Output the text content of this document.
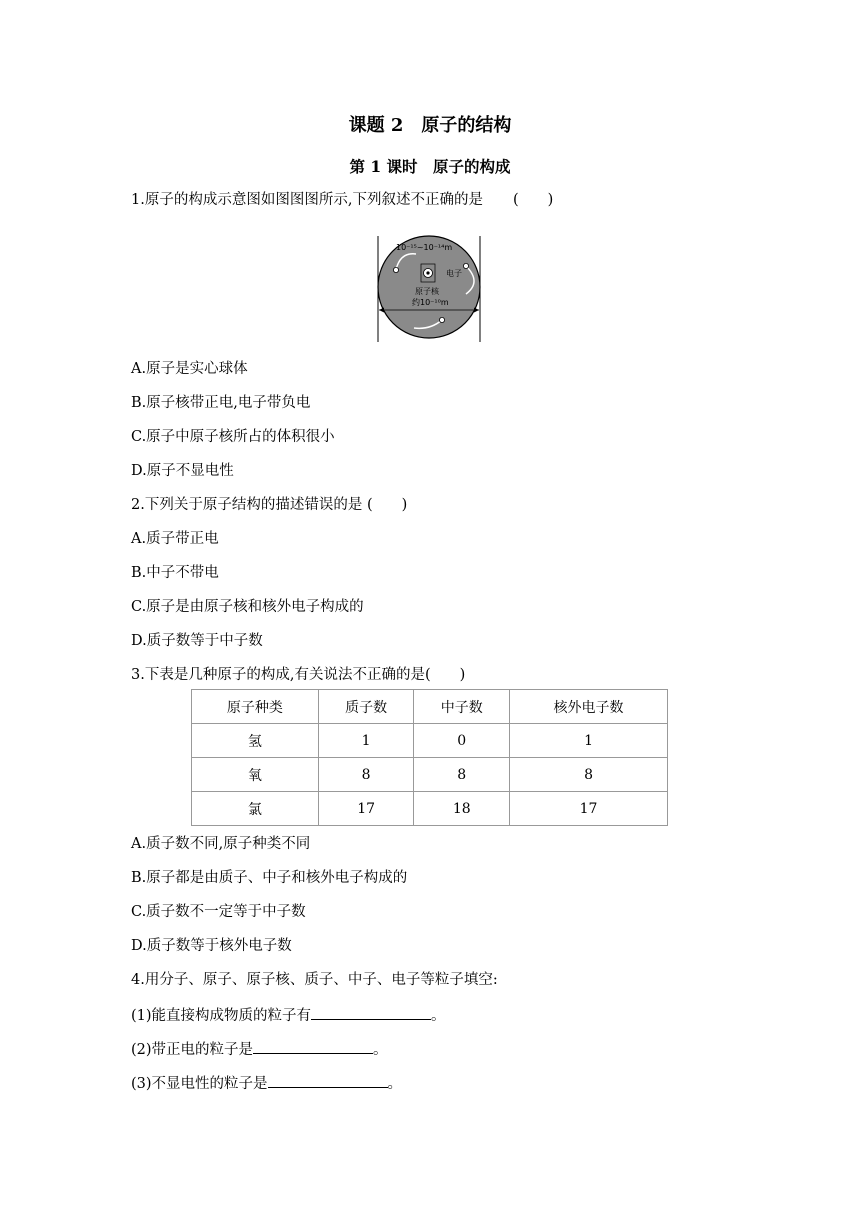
课题 2　原子的结构
第 1 课时　原子的构成
1.原子的构成示意图如图图图所示,下列叙述不正确的是 (　　)
10⁻¹⁵~10⁻¹⁴m
电子
原子核
约10⁻¹⁰m
A.原子是实心球体
B.原子核带正电,电子带负电
C.原子中原子核所占的体积很小
D.原子不显电性
2.下列关于原子结构的描述错误的是 (　　)
A.质子带正电
B.中子不带电
C.原子是由原子核和核外电子构成的
D.质子数等于中子数
3.下表是几种原子的构成,有关说法不正确的是(　　)
原子种类	质子数	中子数	核外电子数
氢	1	0	1
氧	8	8	8
氯	17	18	17
A.质子数不同,原子种类不同
B.原子都是由质子、中子和核外电子构成的
C.质子数不一定等于中子数
D.质子数等于核外电子数
4.用分子、原子、原子核、质子、中子、电子等粒子填空:
(1)能直接构成物质的粒子有	。
(2)带正电的粒子是	。
(3)不显电性的粒子是	。
